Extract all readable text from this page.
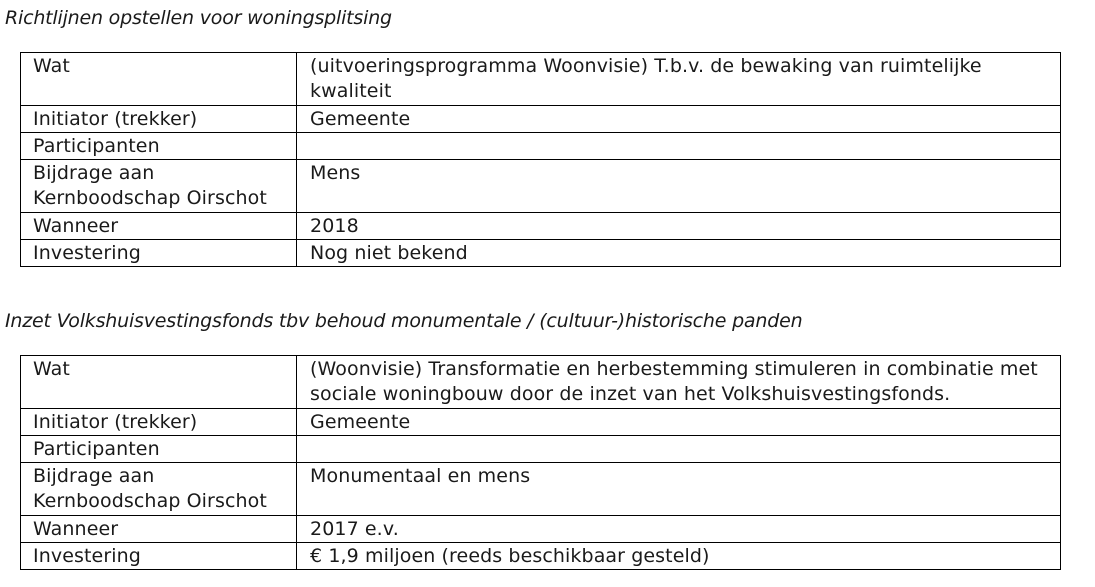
Richtlijnen opstellen voor woningsplitsing
Wat	(uitvoeringsprogramma Woonvisie) T.b.v. de bewaking van ruimtelijke kwaliteit

Initiator (trekker)	Gemeente

Participanten	

Bijdrage aan
Kernboodschap Oirschot	Mens

Wanneer	2018

Investering	Nog niet bekend
Inzet Volkshuisvestingsfonds tbv behoud monumentale / (cultuur-)historische panden
Wat	(Woonvisie) Transformatie en herbestemming stimuleren in combinatie met sociale woningbouw door de inzet van het Volkshuisvestingsfonds.

Initiator (trekker)	Gemeente

Participanten	

Bijdrage aan
Kernboodschap Oirschot	Monumentaal en mens

Wanneer	2017 e.v.

Investering	€ 1,9 miljoen (reeds beschikbaar gesteld)
